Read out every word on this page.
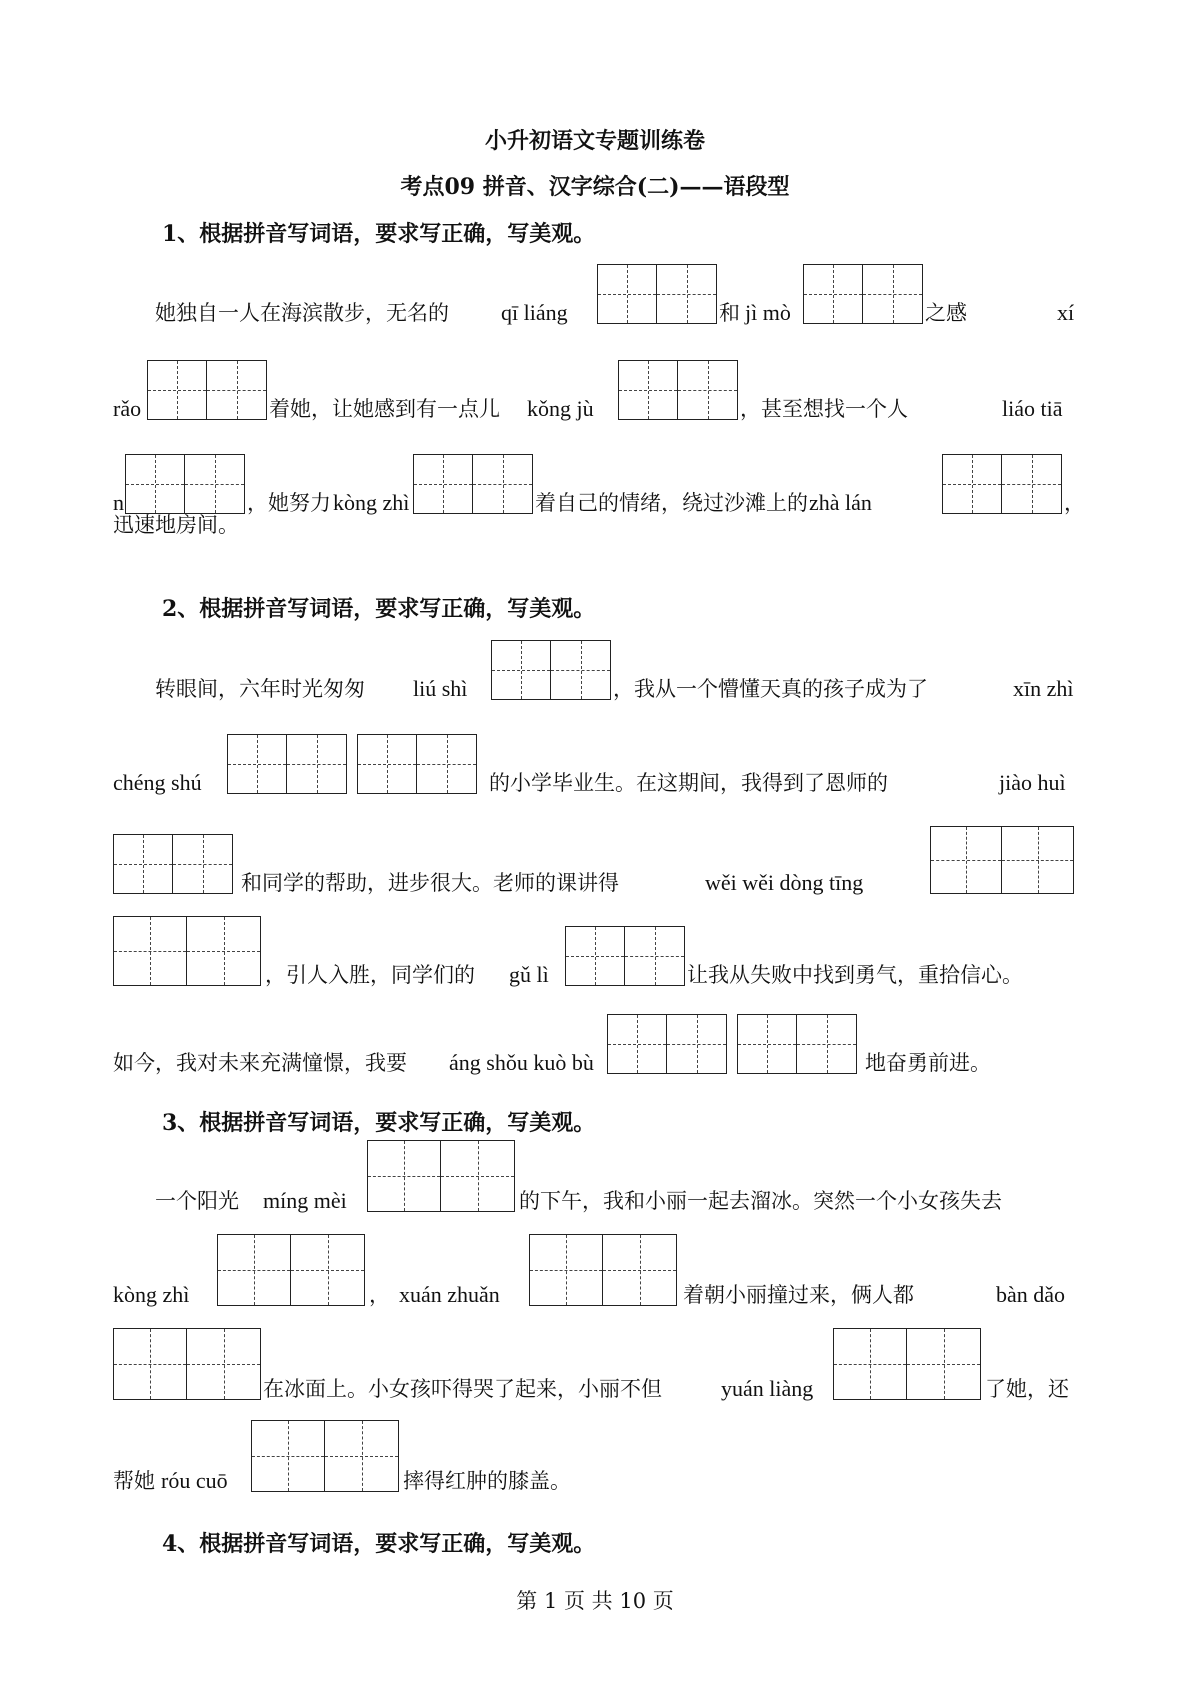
小升初语文专题训练卷
考点09 拼音、汉字综合(二)——语段型
1、根据拼音写词语，要求写正确，写美观。
　　她独自一人在海滨散步，无名的 qī liáng	和 jì mò	之感	xí
rǎo	着她，让她感到有一点儿 kǒng jù	，甚至想找一个人	liáo tiā
n	，她努力 kòng zhì	着自己的情绪，绕过沙滩上的 zhà lán	，
迅速地房间。
2、根据拼音写词语，要求写正确，写美观。
　　转眼间，六年时光匆匆 liú shì	，我从一个懵懂天真的孩子成为了	xīn zhì
chéng shú	的小学毕业生。在这期间，我得到了恩师的	jiào huì
和同学的帮助，进步很大。老师的课讲得	wěi wěi dòng tīng
，引人入胜，同学们的 gǔ lì	让我从失败中找到勇气，重拾信心。
如今，我对未来充满憧憬，我要 áng shǒu kuò bù	地奋勇前进。
3、根据拼音写词语，要求写正确，写美观。
　　一个阳光 míng mèi	的下午，我和小丽一起去溜冰。突然一个小女孩失去
kòng zhì	， xuán zhuǎn	着朝小丽撞过来，俩人都	bàn dǎo
在冰面上。小女孩吓得哭了起来，小丽不但	yuán liàng	了她，还
帮她 róu cuō	摔得红肿的膝盖。
4、根据拼音写词语，要求写正确，写美观。
第 1 页 共 10 页
